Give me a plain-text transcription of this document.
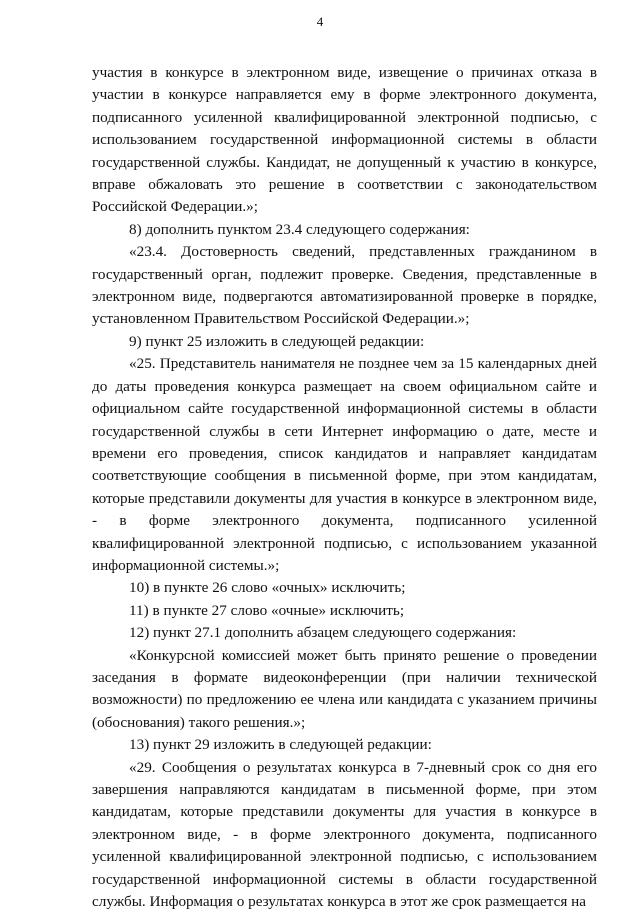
4

участия в конкурсе в электронном виде, извещение о причинах отказа в участии в конкурсе направляется ему в форме электронного документа, подписанного усиленной квалифицированной электронной подписью, с использованием государственной информационной системы в области государственной службы. Кандидат, не допущенный к участию в конкурсе, вправе обжаловать это решение в соответствии с законодательством Российской Федерации.»;

8) дополнить пунктом 23.4 следующего содержания:

«23.4. Достоверность сведений, представленных гражданином в государственный орган, подлежит проверке. Сведения, представленные в электронном виде, подвергаются автоматизированной проверке в порядке, установленном Правительством Российской Федерации.»;

9) пункт 25 изложить в следующей редакции:

«25. Представитель нанимателя не позднее чем за 15 календарных дней до даты проведения конкурса размещает на своем официальном сайте и официальном сайте государственной информационной системы в области государственной службы в сети Интернет информацию о дате, месте и времени его проведения, список кандидатов и направляет кандидатам соответствующие сообщения в письменной форме, при этом кандидатам, которые представили документы для участия в конкурсе в электронном виде, - в форме электронного документа, подписанного усиленной квалифицированной электронной подписью, с использованием указанной информационной системы.»;

10) в пункте 26 слово «очных» исключить;

11) в пункте 27 слово «очные» исключить;

12) пункт 27.1 дополнить абзацем следующего содержания:

«Конкурсной комиссией может быть принято решение о проведении заседания в формате видеоконференции (при наличии технической возможности) по предложению ее члена или кандидата с указанием причины (обоснования) такого решения.»;

13) пункт 29 изложить в следующей редакции:

«29. Сообщения о результатах конкурса в 7-дневный срок со дня его завершения направляются кандидатам в письменной форме, при этом кандидатам, которые представили документы для участия в конкурсе в электронном виде, - в форме электронного документа, подписанного усиленной квалифицированной электронной подписью, с использованием государственной информационной системы в области государственной службы. Информация о результатах конкурса в этот же срок размещается на
